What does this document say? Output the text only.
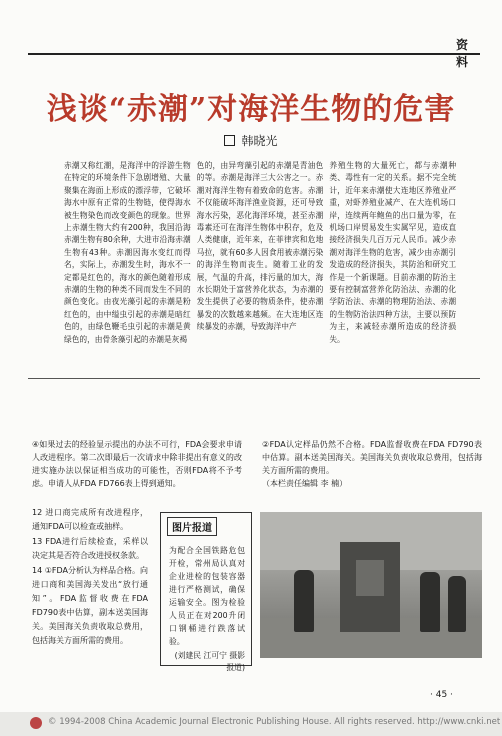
资 料
浅谈“赤潮”对海洋生物的危害
韩晓光

赤潮又称红潮，是海洋中的浮游生物在特定的环境条件下急剧增殖、大量聚集在海面上形成的漂浮带，它破坏海水中原有正常的生物链，使得海水被生物染色而改变颜色的现象。世界上赤潮生物大约有200种，我国沿海赤潮生物有80余种，大进市沿海赤潮生物有43种。赤潮因海水变红而得名，实际上，赤潮发生时，海水不一定都是红色的，海水的颜色随着形成赤潮的生物的种类不同而发生不同的颜色变化。由夜光藻引起的赤潮是粉红色的，由中缢虫引起的赤潮是暗红色的，由绿色鞭毛虫引起的赤潮是黄绿色的，由骨条藻引起的赤潮是灰褐

色的，由异弯藻引起的赤潮是青油色的等。赤潮是海洋三大公害之一。赤潮对海洋生物有着致命的危害。赤潮不仅能破坏海洋渔业资源，还可导致海水污染，恶化海洋环境，甚至赤潮毒素还可在海洋生物体中积存，危及人类健康，近年来，在菲律宾和危地马拉，就有60多人因食用被赤潮污染的海洋生物而丧生。随着工业的发展，气温的升高，排污量的加大，海水长期处于富营养化状态，为赤潮的发生提供了必要的物质条件，使赤潮暴发的次数越来越频。在大连地区连续暴发的赤潮，导致海洋中产

养殖生物的大量死亡，都与赤潮种类、毒性有一定的关系。据不完全统计，近年来赤潮使大连地区养殖业严重，对虾养殖业减产、在大连机场口岸，连续两年鲍鱼的出口量为零，在机场口岸贸易发生实属罕见，造成直接经济损失几百万元人民币。减少赤潮对海洋生物的危害，减少由赤潮引发造成的经济损失，其防治和研究工作是一个新课题。目前赤潮的防治主要有控制富营养化防治法、赤潮的化学防治法、赤潮的物理防治法、赤潮的生物防治法四种方法，主要以预防为主，来减轻赤潮所造成的经济损失。

④如果过去的经验显示提出的办法不可行，FDA会要求申请人改进程序。第二次即最后一次请求中除非提出有意义的改进实施办法以保证相当成功的可能性，否则FDA将不予考虑。申请人从FDA FD766表上得到通知。

②FDA认定样品仍然不合格。FDA监督收费在FDA FD790表中估算。副本送美国海关。美国海关负责收取总费用，包括海关方面所需的费用。

（本栏责任编辑 李 楠）

12 进口商完成所有改进程序，通知FDA可以检查或抽样。

13 FDA进行后续检查，采样以决定其是否符合改进授权条款。

14 ①FDA分析认为样品合格。向进口商和美国海关发出“放行通知”。FDA监督收费在FDA FD790表中估算，副本送美国海关。美国海关负责收取总费用，包括海关方面所需的费用。

图片报道
为配合全国铁路危包开检，常州局认真对企业进检的包装容器进行严格测试，确保运输安全。图为检验人员正在对200升闭口钢桶进行跌落试验。
(刘建民 江可宁 摄影报道)
· 45 ·
© 1994-2008 China Academic Journal Electronic Publishing House. All rights reserved. http://www.cnki.net
